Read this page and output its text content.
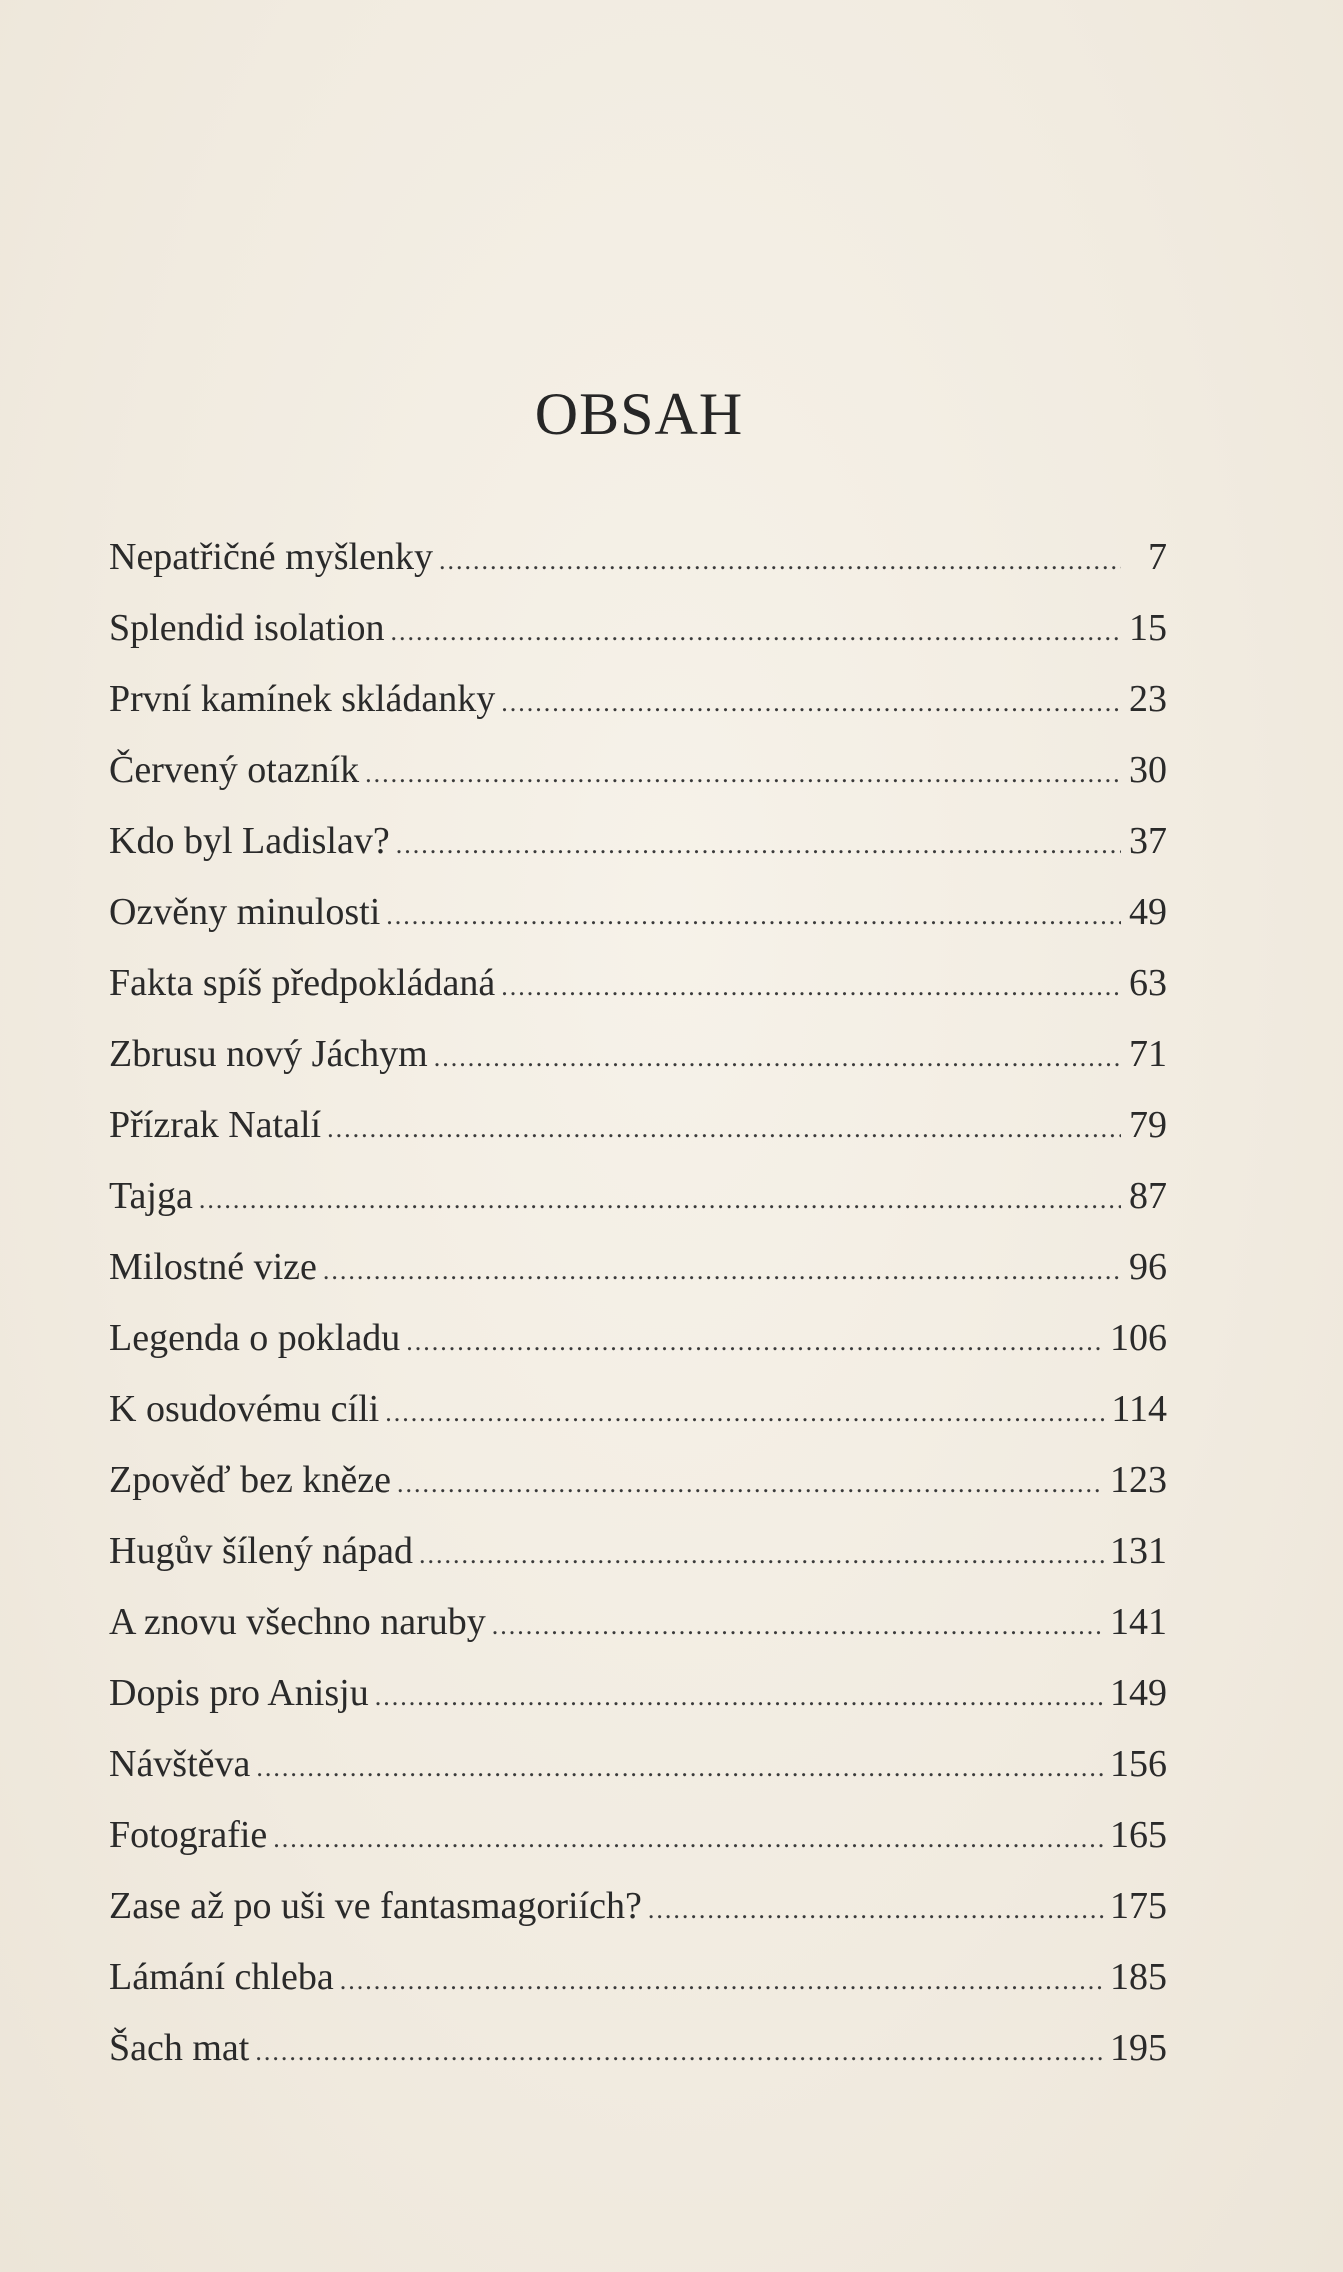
OBSAH
Nepatřičné myšlenky .....	7
Splendid isolation .....	15
První kamínek skládanky .....	23
Červený otazník .....	30
Kdo byl Ladislav? .....	37
Ozvěny minulosti .....	49
Fakta spíš předpokládaná .....	63
Zbrusu nový Jáchym .....	71
Přízrak Natalí .....	79
Tajga .....	87
Milostné vize .....	96
Legenda o pokladu .....	106
K osudovému cíli .....	114
Zpověď bez kněze .....	123
Hugův šílený nápad .....	131
A znovu všechno naruby .....	141
Dopis pro Anisju .....	149
Návštěva .....	156
Fotografie .....	165
Zase až po uši ve fantasmagoriích? .....	175
Lámání chleba .....	185
Šach mat .....	195
